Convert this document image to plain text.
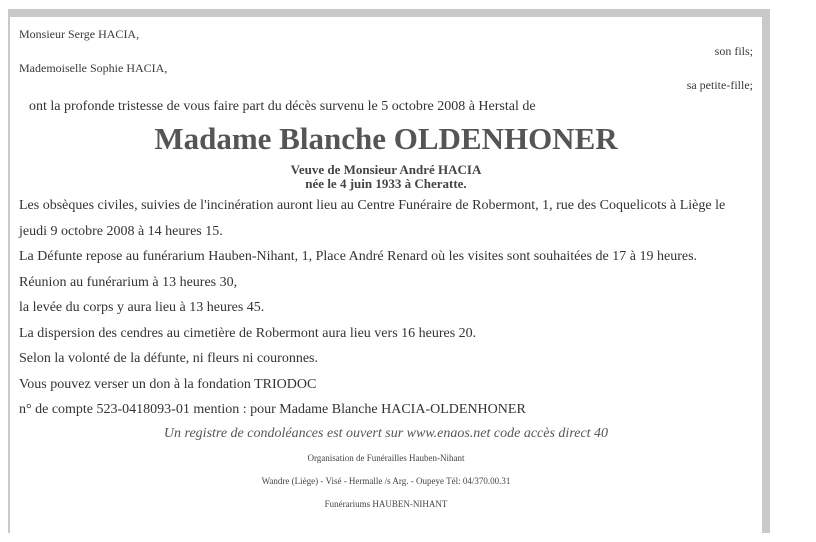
Monsieur Serge HACIA,
son fils;
Mademoiselle Sophie HACIA,
sa petite-fille;
ont la profonde tristesse de vous faire part du décès survenu le 5 octobre 2008 à Herstal de
Madame Blanche OLDENHONER
Veuve de Monsieur André HACIA
née le 4 juin 1933 à Cheratte.
Les obsèques civiles, suivies de l'incinération auront lieu au Centre Funéraire de Robermont, 1, rue des Coquelicots à Liège le
jeudi 9 octobre 2008 à 14 heures 15.
La Défunte repose au funérarium Hauben-Nihant, 1, Place André Renard où les visites sont souhaitées de 17 à 19 heures.
Réunion au funérarium à 13 heures 30,
la levée du corps y aura lieu à 13 heures 45.
La dispersion des cendres au cimetière de Robermont aura lieu vers 16 heures 20.
Selon la volonté de la défunte, ni fleurs ni couronnes.
Vous pouvez verser un don à la fondation TRIODOC
n° de compte 523-0418093-01 mention : pour Madame Blanche HACIA-OLDENHONER
Un registre de condoléances est ouvert sur www.enaos.net code accès direct 40
Organisation de Funérailles Hauben-Nihant
Wandre (Liège) - Visé - Hermalle /s Arg. - Oupeye Tél: 04/370.00.31
Funérariums HAUBEN-NIHANT
